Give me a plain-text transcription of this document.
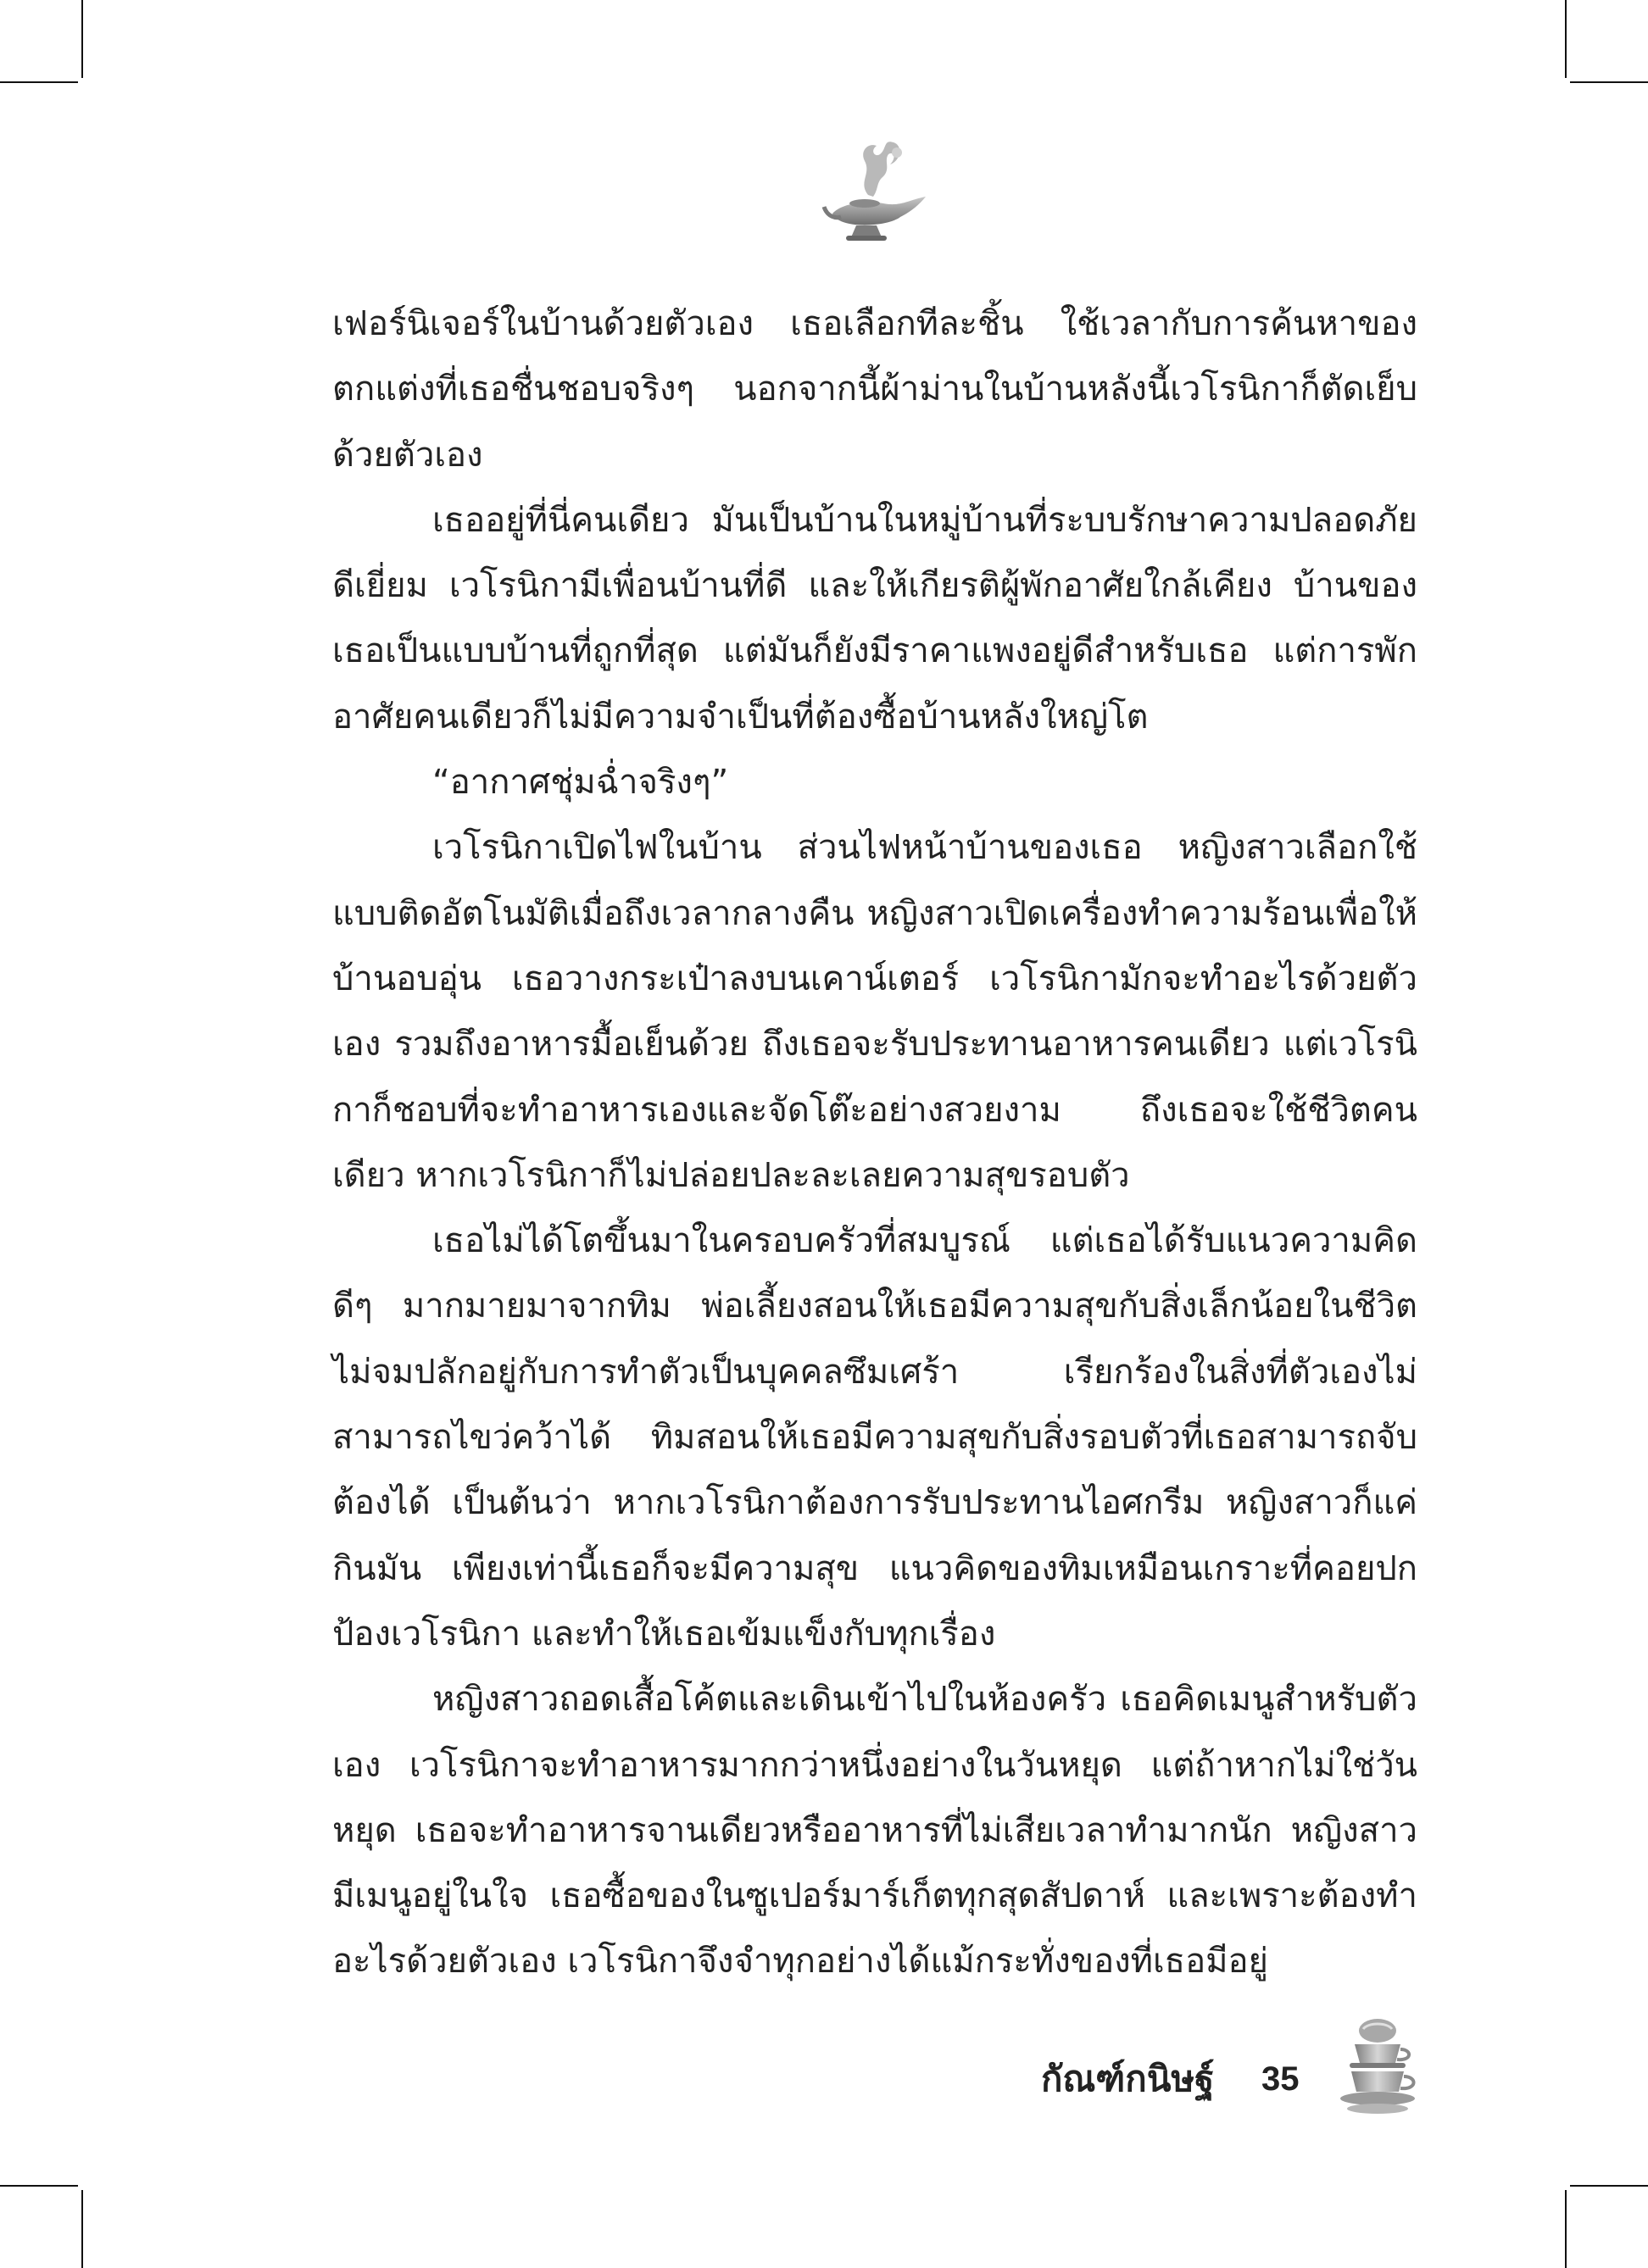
เฟอร์นิเจอร์ในบ้านด้วยตัวเอง เธอเลือกทีละชิ้น ใช้เวลากับการค้นหาของตกแต่งที่เธอชื่นชอบจริงๆ นอกจากนี้ผ้าม่านในบ้านหลังนี้เวโรนิกาก็ตัดเย็บด้วยตัวเอง

เธออยู่ที่นี่คนเดียว มันเป็นบ้านในหมู่บ้านที่ระบบรักษาความปลอดภัยดีเยี่ยม เวโรนิกามีเพื่อนบ้านที่ดี และให้เกียรติผู้พักอาศัยใกล้เคียง บ้านของเธอเป็นแบบบ้านที่ถูกที่สุด แต่มันก็ยังมีราคาแพงอยู่ดีสำหรับเธอ แต่การพักอาศัยคนเดียวก็ไม่มีความจำเป็นที่ต้องซื้อบ้านหลังใหญ่โต

“อากาศชุ่มฉ่ำจริงๆ”

เวโรนิกาเปิดไฟในบ้าน ส่วนไฟหน้าบ้านของเธอ หญิงสาวเลือกใช้แบบติดอัตโนมัติเมื่อถึงเวลากลางคืน หญิงสาวเปิดเครื่องทำความร้อนเพื่อให้บ้านอบอุ่น เธอวางกระเป๋าลงบนเคาน์เตอร์ เวโรนิกามักจะทำอะไรด้วยตัวเอง รวมถึงอาหารมื้อเย็นด้วย ถึงเธอจะรับประทานอาหารคนเดียว แต่เวโรนิกาก็ชอบที่จะทำอาหารเองและจัดโต๊ะอย่างสวยงาม ถึงเธอจะใช้ชีวิตคนเดียว หากเวโรนิกาก็ไม่ปล่อยปละละเลยความสุขรอบตัว

เธอไม่ได้โตขึ้นมาในครอบครัวที่สมบูรณ์ แต่เธอได้รับแนวความคิดดีๆ มากมายมาจากทิม พ่อเลี้ยงสอนให้เธอมีความสุขกับสิ่งเล็กน้อยในชีวิต ไม่จมปลักอยู่กับการทำตัวเป็นบุคคลซึมเศร้า เรียกร้องในสิ่งที่ตัวเองไม่สามารถไขว่คว้าได้ ทิมสอนให้เธอมีความสุขกับสิ่งรอบตัวที่เธอสามารถจับต้องได้ เป็นต้นว่า หากเวโรนิกาต้องการรับประทานไอศกรีม หญิงสาวก็แค่กินมัน เพียงเท่านี้เธอก็จะมีความสุข แนวคิดของทิมเหมือนเกราะที่คอยปกป้องเวโรนิกา และทำให้เธอเข้มแข็งกับทุกเรื่อง

หญิงสาวถอดเสื้อโค้ตและเดินเข้าไปในห้องครัว เธอคิดเมนูสำหรับตัวเอง เวโรนิกาจะทำอาหารมากกว่าหนึ่งอย่างในวันหยุด แต่ถ้าหากไม่ใช่วันหยุด เธอจะทำอาหารจานเดียวหรืออาหารที่ไม่เสียเวลาทำมากนัก หญิงสาวมีเมนูอยู่ในใจ เธอซื้อของในซูเปอร์มาร์เก็ตทุกสุดสัปดาห์ และเพราะต้องทำอะไรด้วยตัวเอง เวโรนิกาจึงจำทุกอย่างได้แม้กระทั่งของที่เธอมีอยู่

กัณฑ์กนิษฐ์	35
